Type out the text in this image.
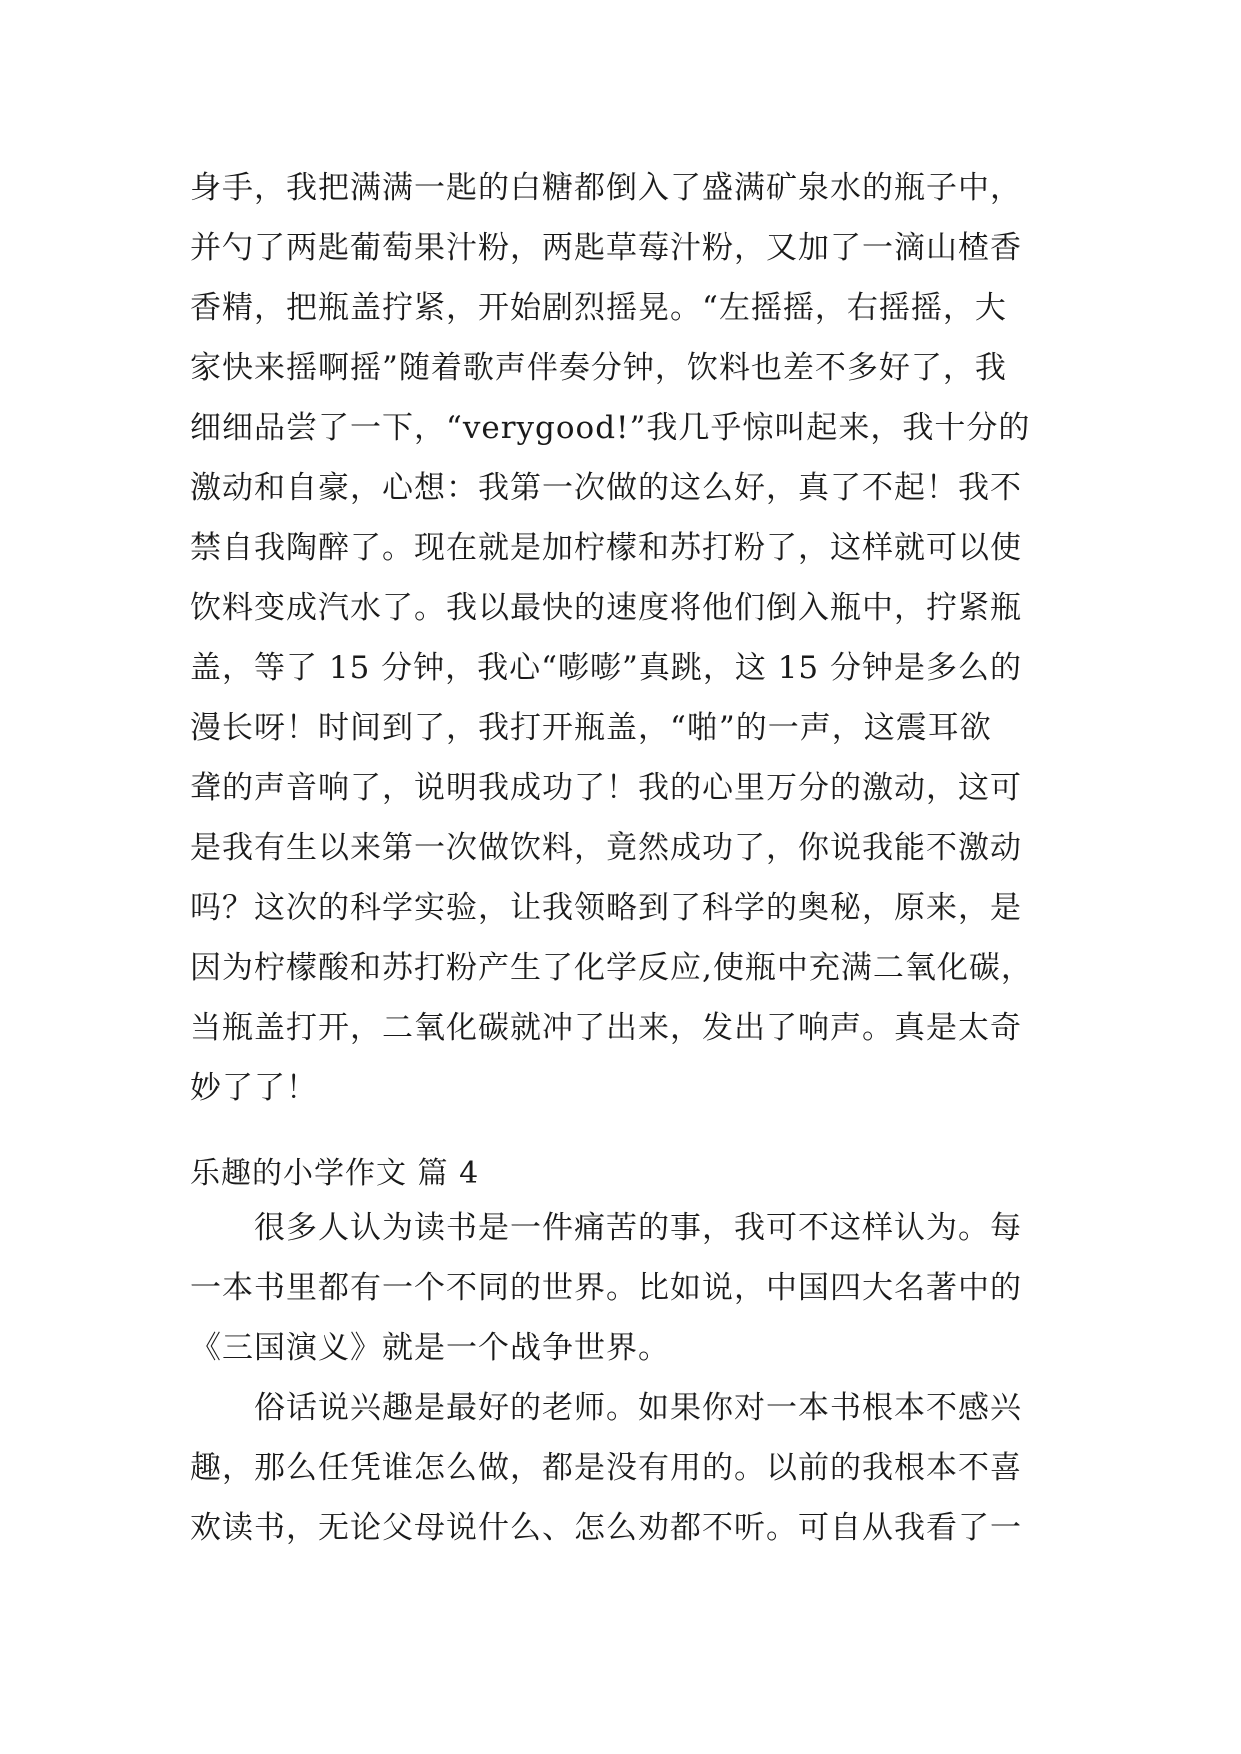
身手，我把满满一匙的白糖都倒入了盛满矿泉水的瓶子中，
并勺了两匙葡萄果汁粉，两匙草莓汁粉，又加了一滴山楂香
香精，把瓶盖拧紧，开始剧烈摇晃。“左摇摇，右摇摇，大
家快来摇啊摇”随着歌声伴奏分钟，饮料也差不多好了，我
细细品尝了一下，“verygood!”我几乎惊叫起来，我十分的
激动和自豪，心想：我第一次做的这么好，真了不起！我不
禁自我陶醉了。现在就是加柠檬和苏打粉了，这样就可以使
饮料变成汽水了。我以最快的速度将他们倒入瓶中，拧紧瓶
盖，等了 15 分钟，我心“嘭嘭”真跳，这 15 分钟是多么的
漫长呀！时间到了，我打开瓶盖，“啪”的一声，这震耳欲
聋的声音响了，说明我成功了！我的心里万分的激动，这可
是我有生以来第一次做饮料，竟然成功了，你说我能不激动
吗？这次的科学实验，让我领略到了科学的奥秘，原来，是
因为柠檬酸和苏打粉产生了化学反应,使瓶中充满二氧化碳，
当瓶盖打开，二氧化碳就冲了出来，发出了响声。真是太奇
妙了了！
乐趣的小学作文 篇 4
　　很多人认为读书是一件痛苦的事，我可不这样认为。每
一本书里都有一个不同的世界。比如说，中国四大名著中的
《三国演义》就是一个战争世界。
　　俗话说兴趣是最好的老师。如果你对一本书根本不感兴
趣，那么任凭谁怎么做，都是没有用的。以前的我根本不喜
欢读书，无论父母说什么、怎么劝都不听。可自从我看了一
